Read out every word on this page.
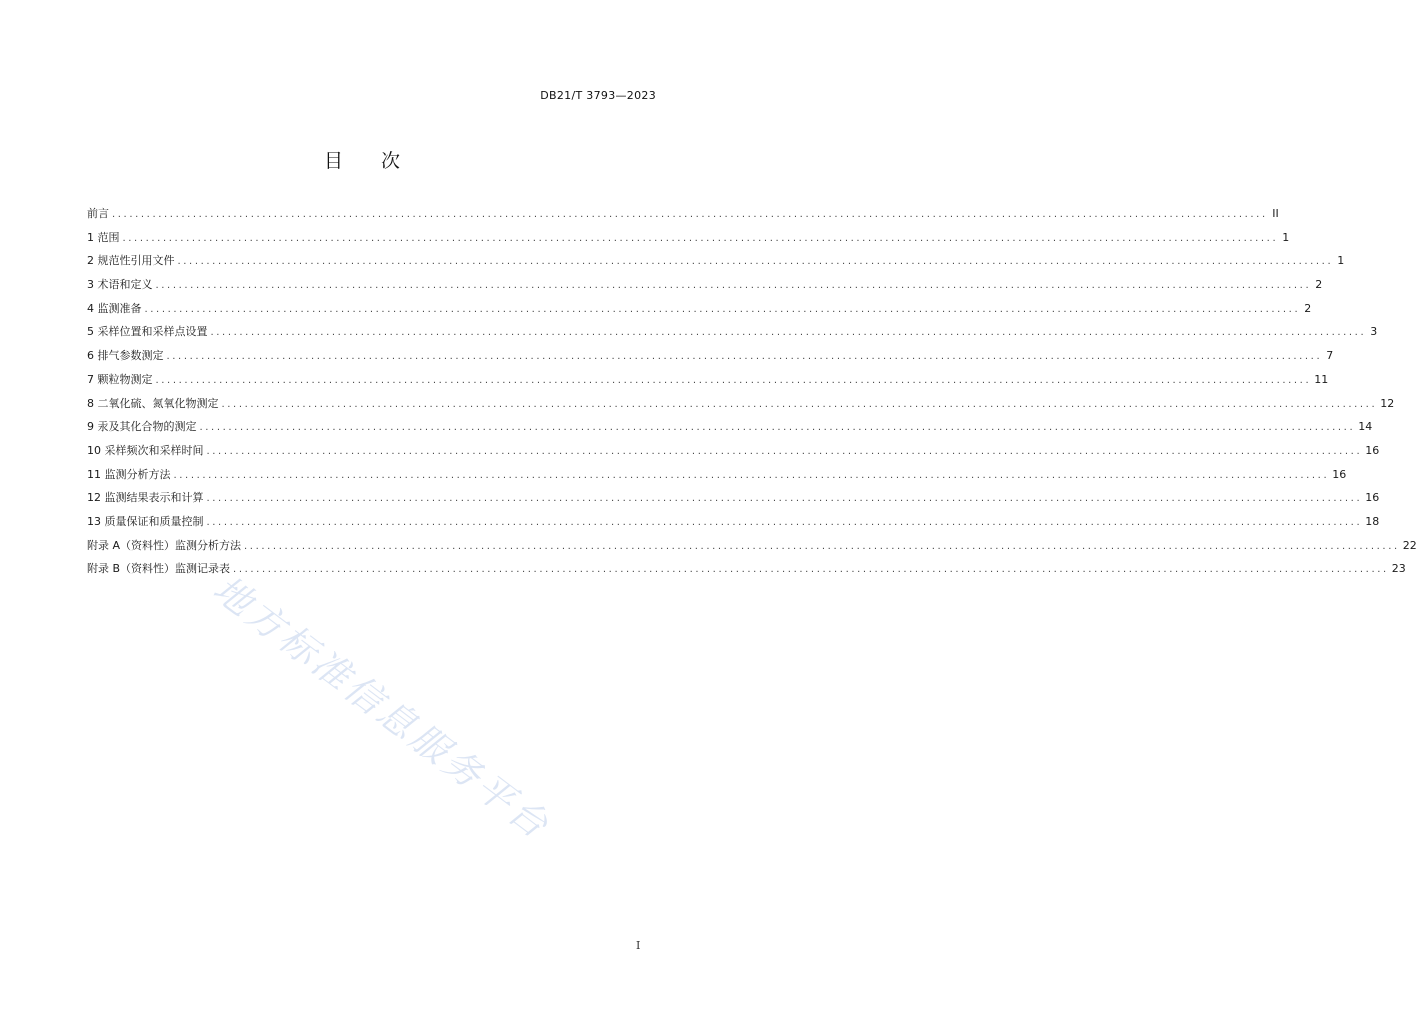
DB21/T 3793—2023
目 次
前言 ........................................................................................................................................................................................................ II
1 范围 ........................................................................................................................................................................................................ 1
2 规范性引用文件 ........................................................................................................................................................................................................ 1
3 术语和定义 ........................................................................................................................................................................................................ 2
4 监测准备 ........................................................................................................................................................................................................ 2
5 采样位置和采样点设置 ........................................................................................................................................................................................................ 3
6 排气参数测定 ........................................................................................................................................................................................................ 7
7 颗粒物测定 ........................................................................................................................................................................................................ 11
8 二氧化硫、氮氧化物测定 ........................................................................................................................................................................................................ 12
9 汞及其化合物的测定 ........................................................................................................................................................................................................ 14
10 采样频次和采样时间 ........................................................................................................................................................................................................ 16
11 监测分析方法 ........................................................................................................................................................................................................ 16
12 监测结果表示和计算 ........................................................................................................................................................................................................ 16
13 质量保证和质量控制 ........................................................................................................................................................................................................ 18
附录 A（资料性）监测分析方法 ........................................................................................................................................................................................................ 22
附录 B（资料性）监测记录表 ........................................................................................................................................................................................................ 23
地方标准信息服务平台
I
